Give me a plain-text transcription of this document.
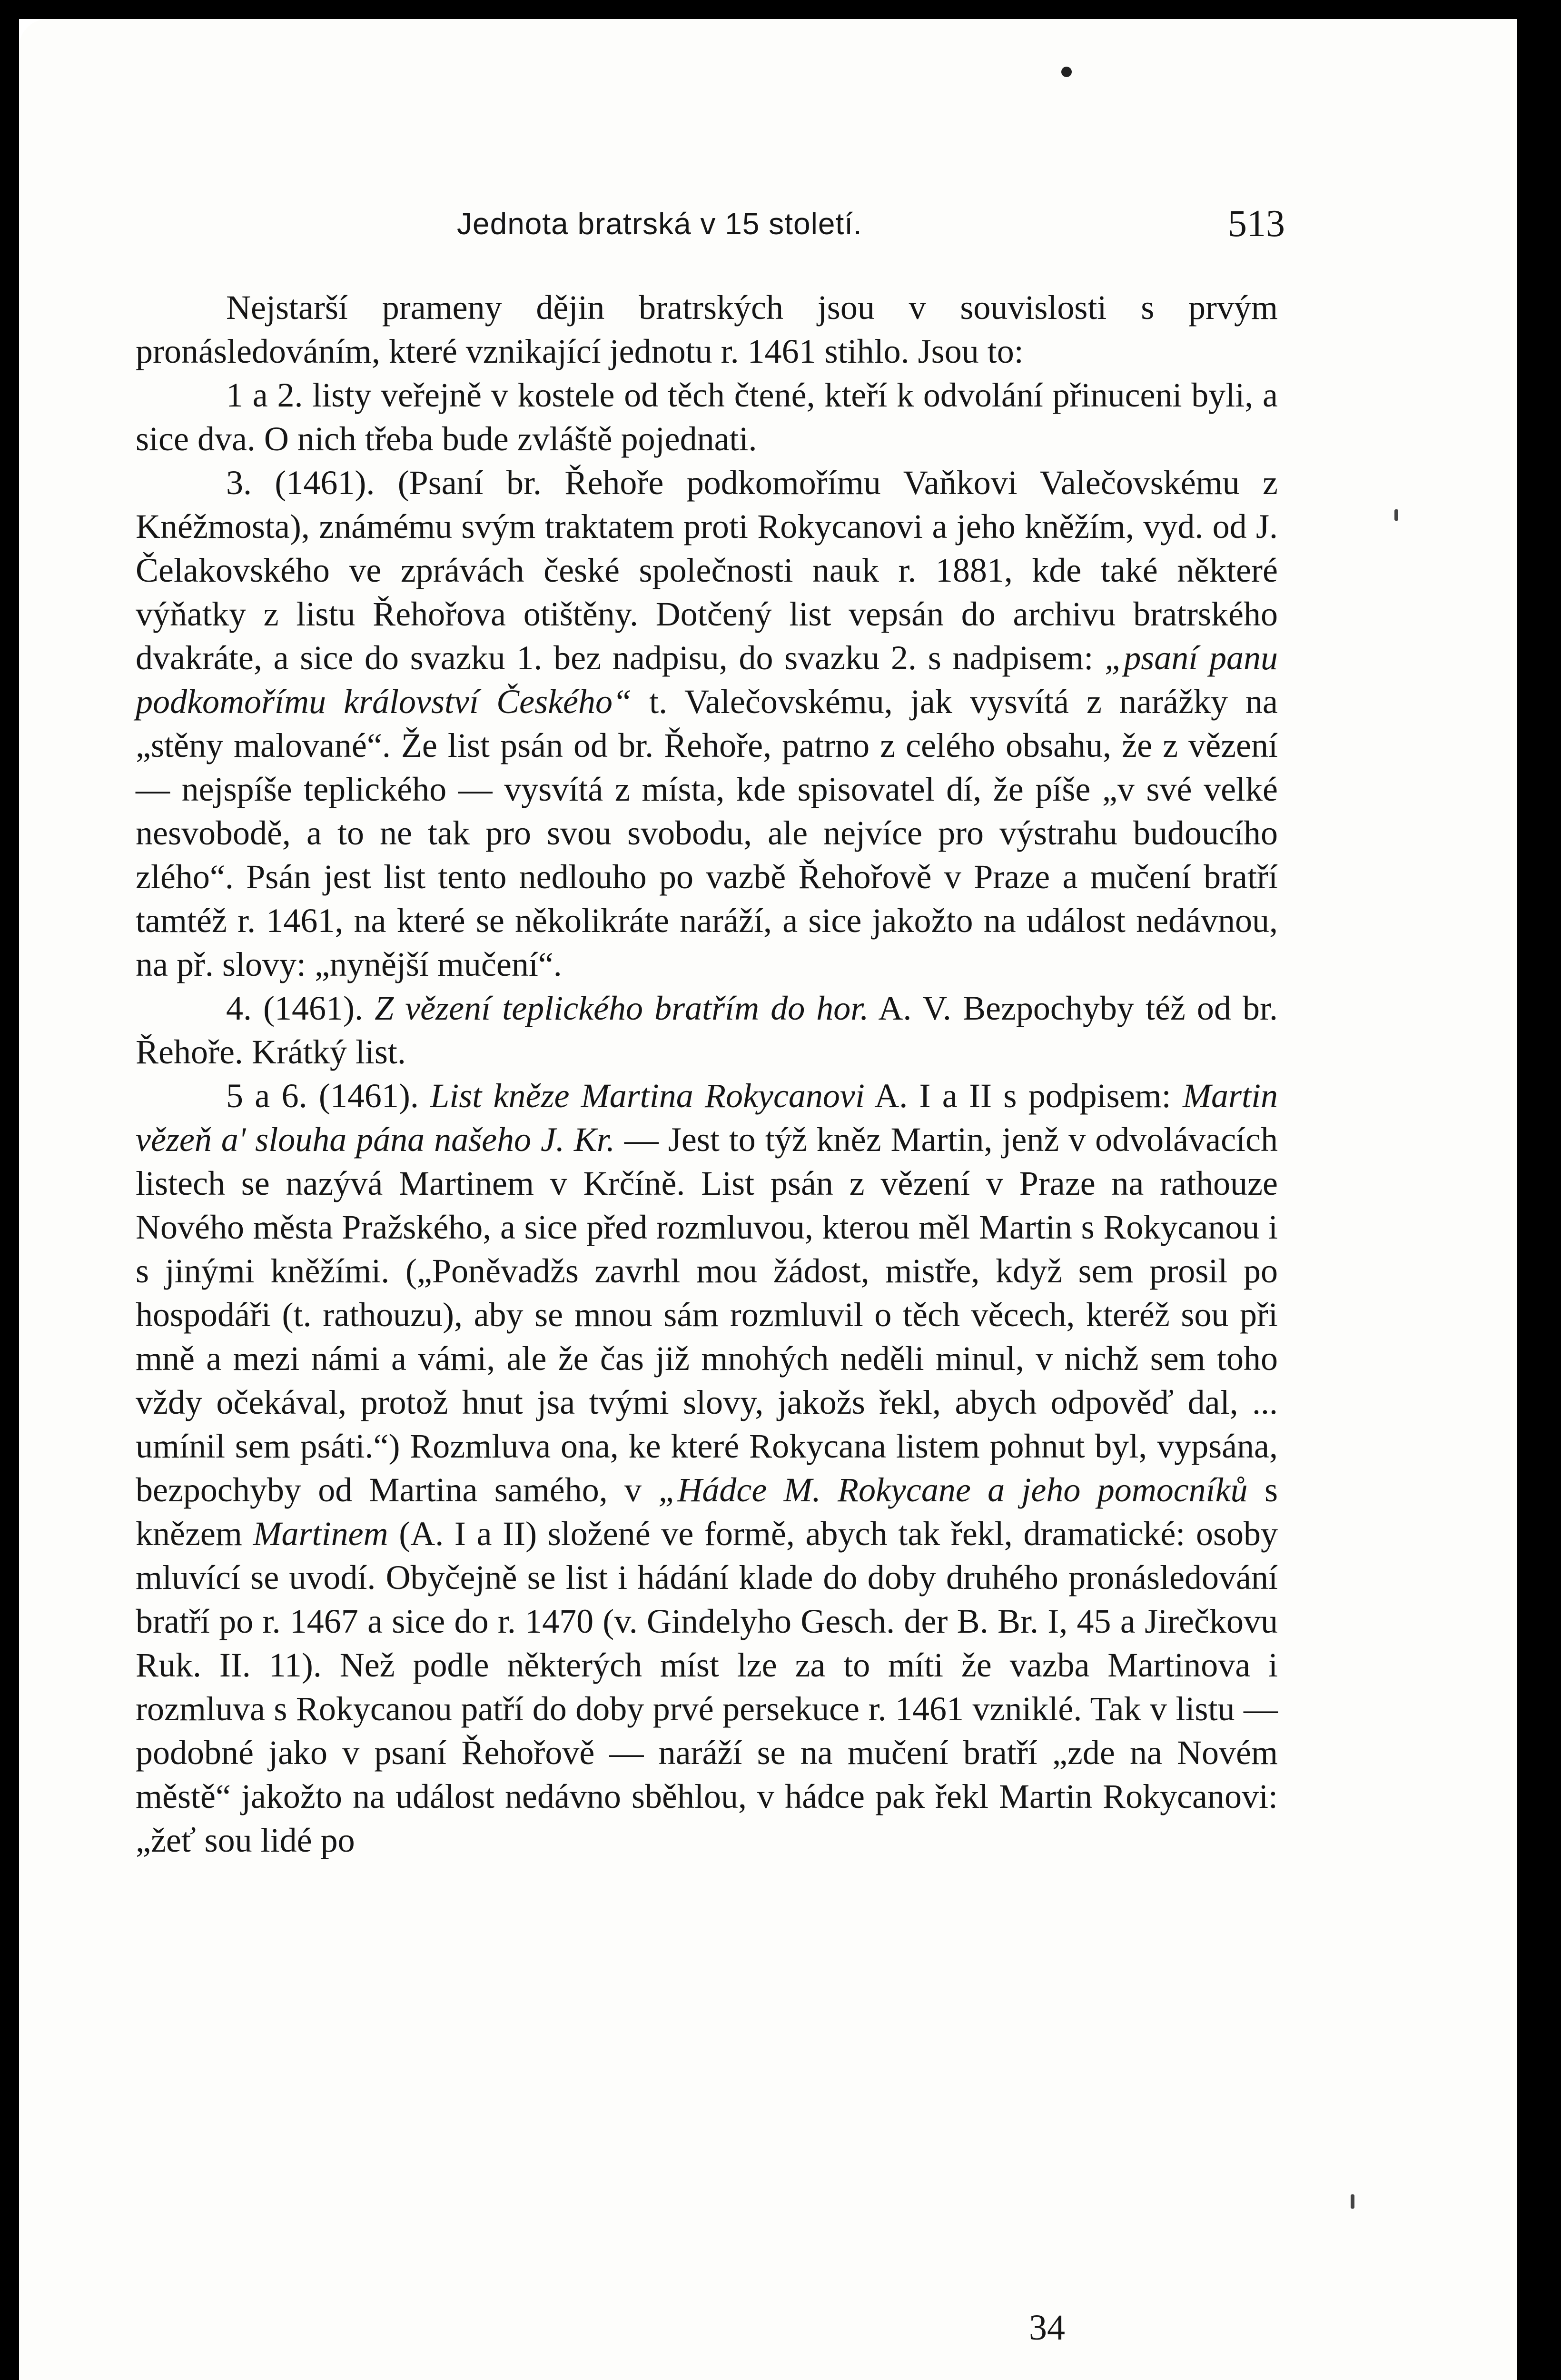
Jednota bratrská v 15 století.	513

Nejstarší prameny dějin bratrských jsou v souvislosti s prvým pronásledováním, které vznikající jednotu r. 1461 stihlo. Jsou to:

1 a 2. listy veřejně v kostele od těch čtené, kteří k odvolání přinuceni byli, a sice dva. O nich třeba bude zvláště pojednati.

3. (1461). (Psaní br. Řehoře podkomořímu Vaňkovi Valečovskému z Knéžmosta), známému svým traktatem proti Rokycanovi a jeho kněžím, vyd. od J. Čelakovského ve zprávách české společnosti nauk r. 1881, kde také některé výňatky z listu Řehořova otištěny. Dotčený list vepsán do archivu bratrského dvakráte, a sice do svazku 1. bez nadpisu, do svazku 2. s nadpisem: „psaní panu podkomořímu království Českého“ t. Valečovskému, jak vysvítá z narážky na „stěny malované“. Že list psán od br. Řehoře, patrno z celého obsahu, že z vězení — nejspíše teplického — vysvítá z místa, kde spisovatel dí, že píše „v své velké nesvobodě, a to ne tak pro svou svobodu, ale nejvíce pro výstrahu budoucího zlého“. Psán jest list tento nedlouho po vazbě Řehořově v Praze a mučení bratří tamtéž r. 1461, na které se několikráte naráží, a sice jakožto na událost nedávnou, na př. slovy: „nynější mučení“.

4. (1461). Z vězení teplického bratřím do hor. A. V. Bezpochyby též od br. Řehoře. Krátký list.

5 a 6. (1461). List kněze Martina Rokycanovi A. I a II s podpisem: Martin vězeň a' slouha pána našeho J. Kr. — Jest to týž kněz Martin, jenž v odvolávacích listech se nazývá Martinem v Krčíně. List psán z vězení v Praze na rathouze Nového města Pražského, a sice před rozmluvou, kterou měl Martin s Rokycanou i s jinými kněžími. („Poněvadžs zavrhl mou žádost, mistře, když sem prosil po hospodáři (t. rathouzu), aby se mnou sám rozmluvil o těch věcech, kteréž sou při mně a mezi námi a vámi, ale že čas již mnohých neděli minul, v nichž sem toho vždy očekával, protož hnut jsa tvými slovy, jakožs řekl, abych odpověď dal, ... umínil sem psáti.“) Rozmluva ona, ke které Rokycana listem pohnut byl, vypsána, bezpochyby od Martina samého, v „Hádce M. Rokycane a jeho pomocníků s knězem Martinem (A. I a II) složené ve formě, abych tak řekl, dramatické: osoby mluvící se uvodí. Obyčejně se list i hádání klade do doby druhého pronásledování bratří po r. 1467 a sice do r. 1470 (v. Gindelyho Gesch. der B. Br. I, 45 a Jirečkovu Ruk. II. 11). Než podle některých míst lze za to míti že vazba Martinova i rozmluva s Rokycanou patří do doby prvé persekuce r. 1461 vzniklé. Tak v listu — podobné jako v psaní Řehořově — naráží se na mučení bratří „zde na Novém městě“ jakožto na událost nedávno sběhlou, v hádce pak řekl Martin Rokycanovi: „žeť sou lidé po

34
